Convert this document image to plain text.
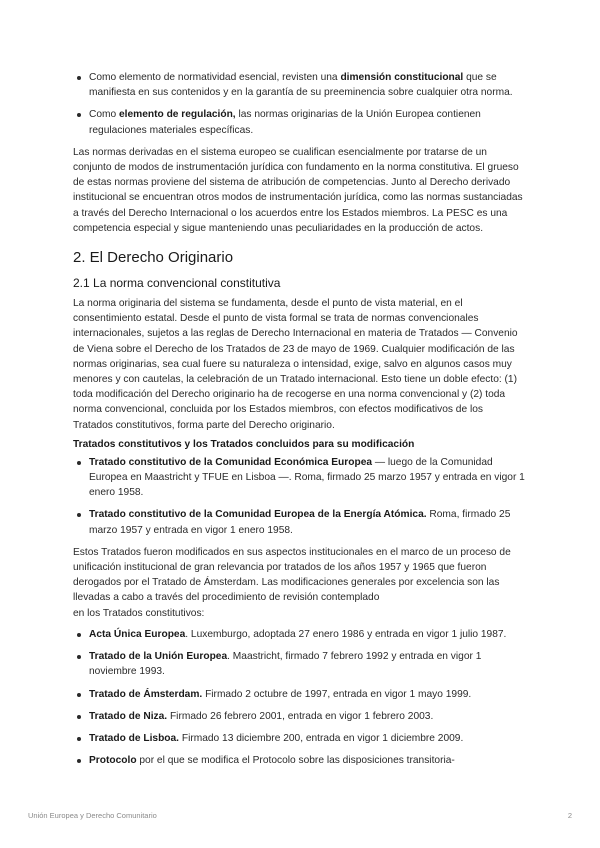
Como elemento de normatividad esencial, revisten una dimensión constitucional que se manifiesta en sus contenidos y en la garantía de su preeminencia sobre cualquier otra norma.
Como elemento de regulación, las normas originarias de la Unión Europea contienen regulaciones materiales específicas.

Las normas derivadas en el sistema europeo se cualifican esencialmente por tratarse de un conjunto de modos de instrumentación jurídica con fundamento en la norma constitutiva. El grueso de estas normas proviene del sistema de atribución de competencias. Junto al Derecho derivado institucional se encuentran otros modos de instrumentación jurídica, como las normas sustanciadas a través del Derecho Internacional o los acuerdos entre los Estados miembros. La PESC es una competencia especial y sigue manteniendo unas peculiaridades en la producción de actos.

2. El Derecho Originario
2.1 La norma convencional constitutiva

La norma originaria del sistema se fundamenta, desde el punto de vista material, en el consentimiento estatal. Desde el punto de vista formal se trata de normas convencionales internacionales, sujetos a las reglas de Derecho Internacional en materia de Tratados — Convenio de Viena sobre el Derecho de los Tratados de 23 de mayo de 1969. Cualquier modificación de las normas originarias, sea cual fuere su naturaleza o intensidad, exige, salvo en algunos casos muy menores y con cautelas, la celebración de un Tratado internacional. Esto tiene un doble efecto: (1) toda modificación del Derecho originario ha de recogerse en una norma convencional y (2) toda norma convencional, concluida por los Estados miembros, con efectos modificativos de los Tratados constitutivos, forma parte del Derecho originario.

Tratados constitutivos y los Tratados concluidos para su modificación
Tratado constitutivo de la Comunidad Económica Europea — luego de la Comunidad Europea en Maastricht y TFUE en Lisboa —. Roma, firmado 25 marzo 1957 y entrada en vigor 1 enero 1958.
Tratado constitutivo de la Comunidad Europea de la Energía Atómica. Roma, firmado 25 marzo 1957 y entrada en vigor 1 enero 1958.

Estos Tratados fueron modificados en sus aspectos institucionales en el marco de un proceso de unificación institucional de gran relevancia por tratados de los años 1957 y 1965 que fueron derogados por el Tratado de Ámsterdam. Las modificaciones generales por excelencia son las llevadas a cabo a través del procedimiento de revisión contemplado
en los Tratados constitutivos:

Acta Única Europea. Luxemburgo, adoptada 27 enero 1986 y entrada en vigor 1 julio 1987.
Tratado de la Unión Europea. Maastricht, firmado 7 febrero 1992 y entrada en vigor 1 noviembre 1993.
Tratado de Ámsterdam. Firmado 2 octubre de 1997, entrada en vigor 1 mayo 1999.
Tratado de Niza. Firmado 26 febrero 2001, entrada en vigor 1 febrero 2003.
Tratado de Lisboa. Firmado 13 diciembre 200, entrada en vigor 1 diciembre 2009.
Protocolo por el que se modifica el Protocolo sobre las disposiciones transitoria-
Unión Europea y Derecho Comunitario	2
